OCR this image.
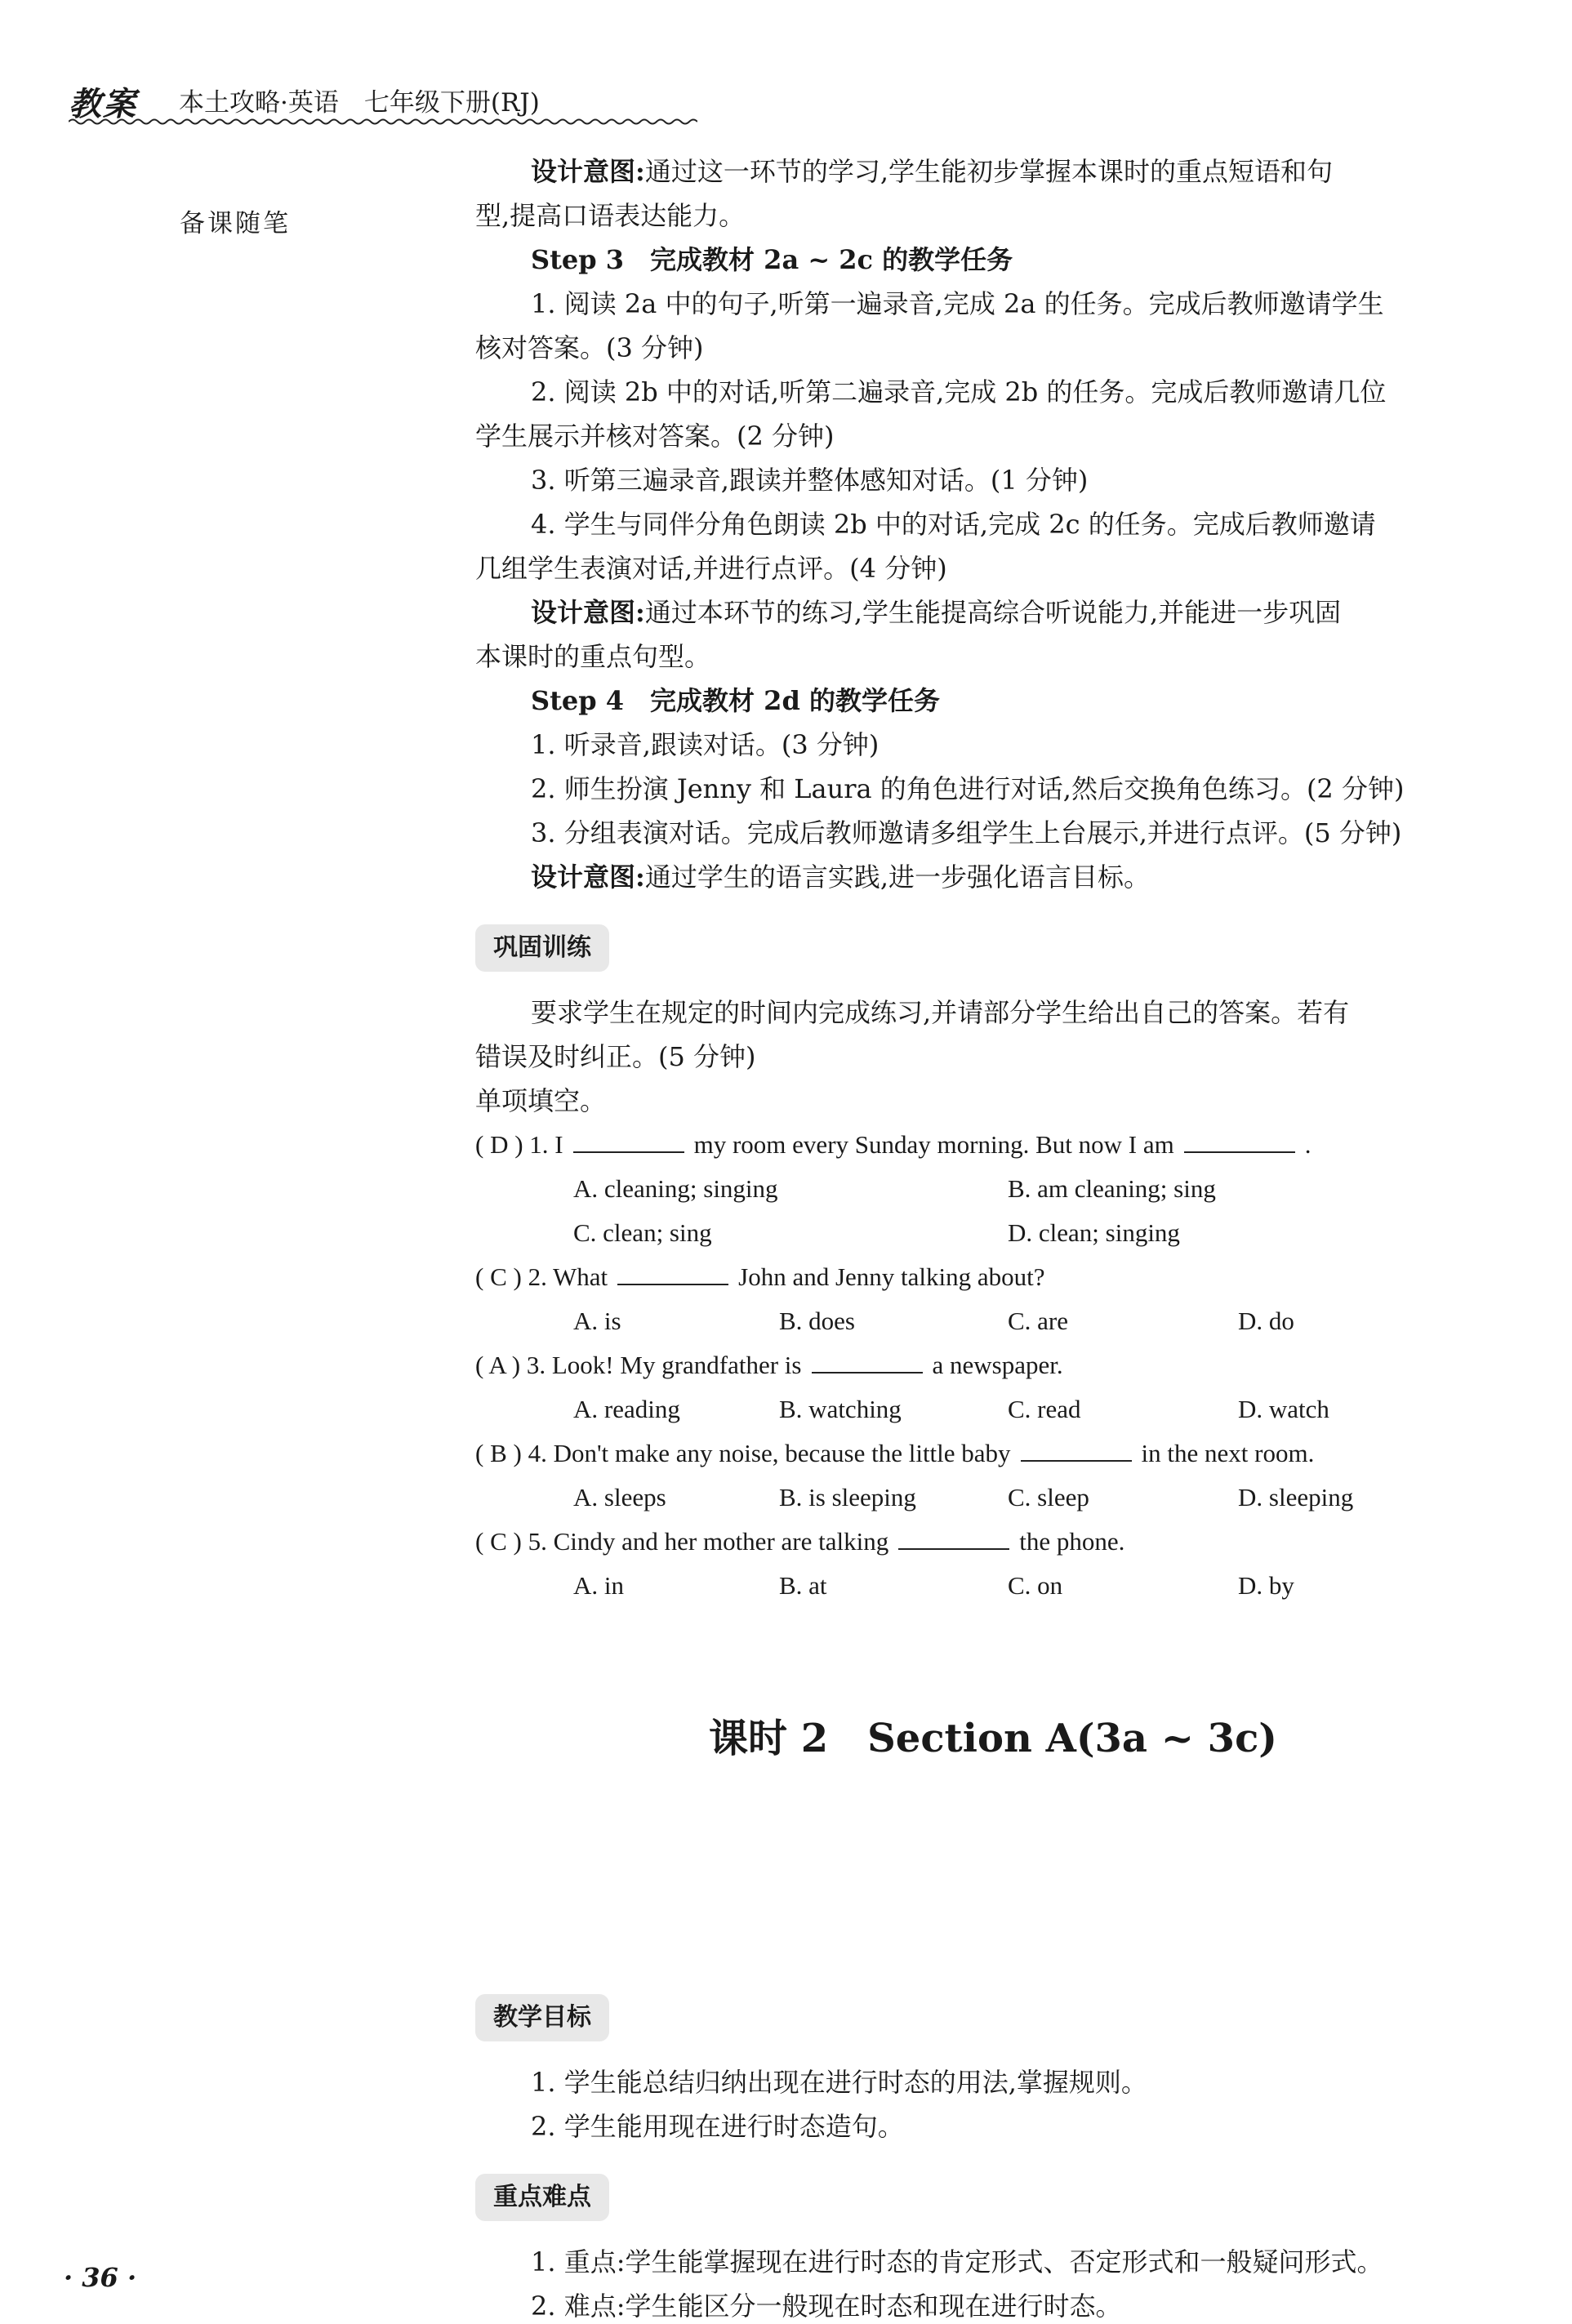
教案 本土攻略·英语　七年级下册(RJ)
备课随笔
设计意图:通过这一环节的学习,学生能初步掌握本课时的重点短语和句
型,提高口语表达能力。
Step 3　完成教材 2a ~ 2c 的教学任务
1. 阅读 2a 中的句子,听第一遍录音,完成 2a 的任务。完成后教师邀请学生
核对答案。(3 分钟)
2. 阅读 2b 中的对话,听第二遍录音,完成 2b 的任务。完成后教师邀请几位
学生展示并核对答案。(2 分钟)
3. 听第三遍录音,跟读并整体感知对话。(1 分钟)
4. 学生与同伴分角色朗读 2b 中的对话,完成 2c 的任务。完成后教师邀请
几组学生表演对话,并进行点评。(4 分钟)
设计意图:通过本环节的练习,学生能提高综合听说能力,并能进一步巩固
本课时的重点句型。
Step 4　完成教材 2d 的教学任务
1. 听录音,跟读对话。(3 分钟)
2. 师生扮演 Jenny 和 Laura 的角色进行对话,然后交换角色练习。(2 分钟)
3. 分组表演对话。完成后教师邀请多组学生上台展示,并进行点评。(5 分钟)
设计意图:通过学生的语言实践,进一步强化语言目标。
巩固训练
要求学生在规定的时间内完成练习,并请部分学生给出自己的答案。若有
错误及时纠正。(5 分钟)
单项填空。
( D ) 1. I	my room every Sunday morning. But now I am	.
A. cleaning; singing	B. am cleaning; sing
C. clean; sing	D. clean; singing
( C ) 2. What	John and Jenny talking about?
A. is	B. does	C. are	D. do
( A ) 3. Look! My grandfather is	a newspaper.
A. reading	B. watching	C. read	D. watch
( B ) 4. Don't make any noise, because the little baby	in the next room.
A. sleeps	B. is sleeping	C. sleep	D. sleeping
( C ) 5. Cindy and her mother are talking	the phone.
A. in	B. at	C. on	D. by
教学目标
1. 学生能总结归纳出现在进行时态的用法,掌握规则。
2. 学生能用现在进行时态造句。
重点难点
1. 重点:学生能掌握现在进行时态的肯定形式、否定形式和一般疑问形式。
2. 难点:学生能区分一般现在时态和现在进行时态。
课时 2　Section A(3a ~ 3c)
· 36 ·
